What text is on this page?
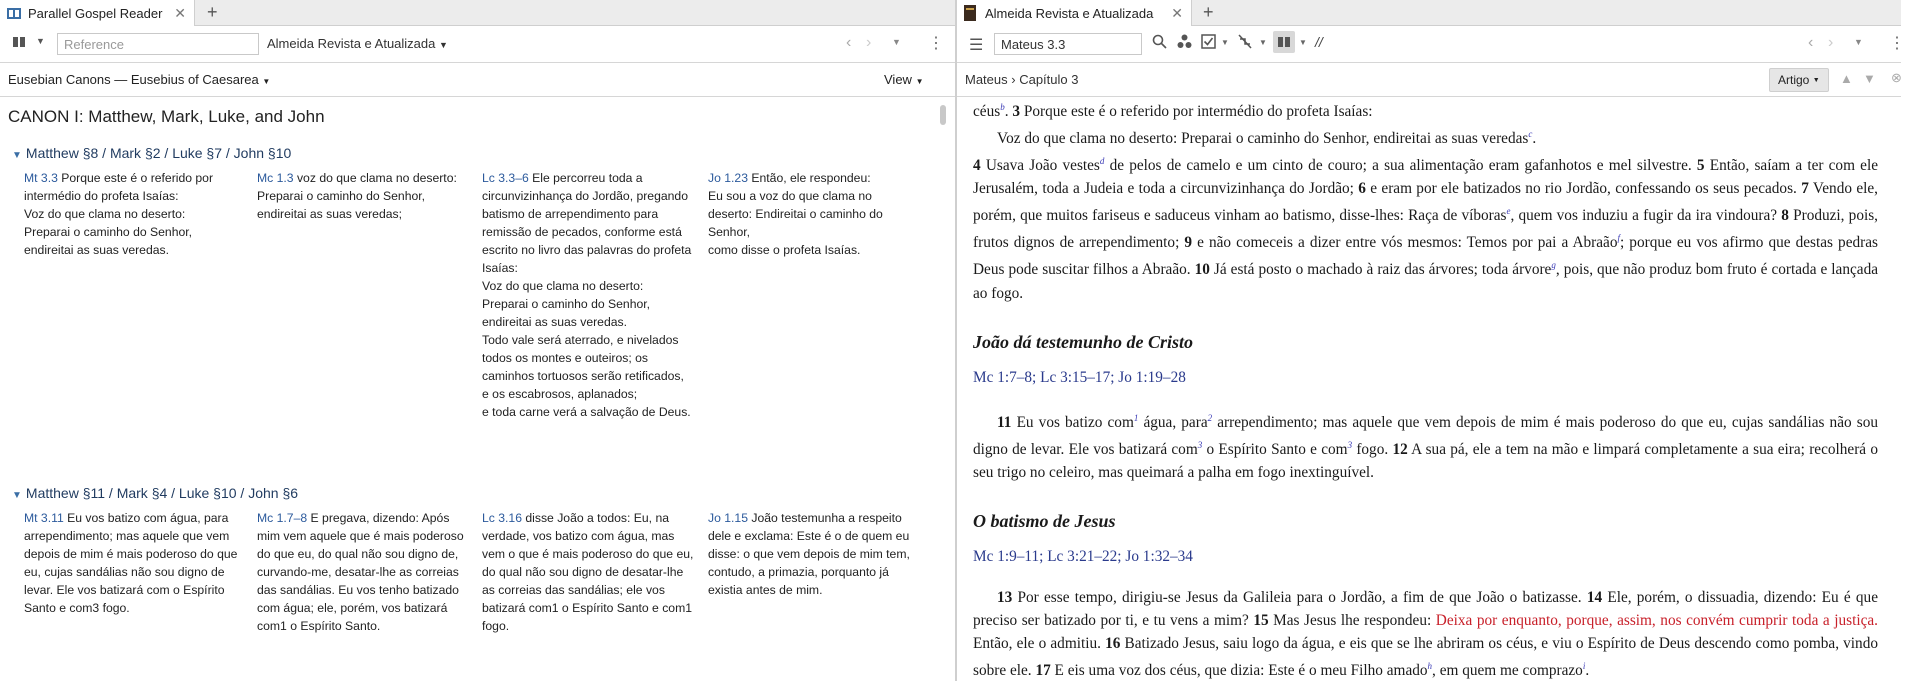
Parallel Gospel Reader ✕ +
▼	Reference	Almeida Revista e Atualizada ▼	‹ › ▼ ⋮
Eusebian Canons — Eusebius of Caesarea ▼	View ▼
CANON I: Matthew, Mark, Luke, and John
▼ Matthew §8 / Mark §2 / Luke §7 / John §10
Mt 3.3 Porque este é o referido por intermédio do profeta Isaías:
Voz do que clama no deserto:
Preparai o caminho do Senhor,
endireitai as suas veredas.
Mc 1.3 voz do que clama no deserto: Preparai o caminho do Senhor, endireitai as suas veredas;
Lc 3.3–6 Ele percorreu toda a circunvizinhança do Jordão, pregando batismo de arrependimento para remissão de pecados, conforme está escrito no livro das palavras do profeta Isaías:
Voz do que clama no deserto:
Preparai o caminho do Senhor,
endireitai as suas veredas.
Todo vale será aterrado, e nivelados todos os montes e outeiros; os caminhos tortuosos serão retificados, e os escabrosos, aplanados;
e toda carne verá a salvação de Deus.
Jo 1.23 Então, ele respondeu:
Eu sou a voz do que clama no deserto: Endireitai o caminho do Senhor,
como disse o profeta Isaías.
▼ Matthew §11 / Mark §4 / Luke §10 / John §6
Mt 3.11 Eu vos batizo com água, para arrependimento; mas aquele que vem depois de mim é mais poderoso do que eu, cujas sandálias não sou digno de levar. Ele vos batizará com o Espírito Santo e com3 fogo.
Mc 1.7–8 E pregava, dizendo: Após mim vem aquele que é mais poderoso do que eu, do qual não sou digno de, curvando-me, desatar-lhe as correias das sandálias. Eu vos tenho batizado com água; ele, porém, vos batizará com1 o Espírito Santo.
Lc 3.16 disse João a todos: Eu, na verdade, vos batizo com água, mas vem o que é mais poderoso do que eu, do qual não sou digno de desatar-lhe as correias das sandálias; ele vos batizará com1 o Espírito Santo e com1 fogo.
Jo 1.15 João testemunha a respeito dele e exclama: Este é o de quem eu disse: o que vem depois de mim tem, contudo, a primazia, porquanto já existia antes de mim.
Almeida Revista e Atualizada ✕ +
☰	Mateus 3.3	▼	▼	▼ //	‹ › ▼ ⋮
Mateus › Capítulo 3	Artigo
▼ ▲ ▼ ⊗

céus$^b$. 3 Porque este é o referido por intermédio do profeta Isaías:

Voz do que clama no deserto: Preparai o caminho do Senhor, endireitai as suas veredas$^c$.

4 Usava João vestes$^d$ de pelos de camelo e um cinto de couro; a sua alimentação eram gafanhotos e mel silvestre. 5 Então, saíam a ter com ele Jerusalém, toda a Judeia e toda a circunvizinhança do Jordão; 6 e eram por ele batizados no rio Jordão, confessando os seus pecados. 7 Vendo ele, porém, que muitos fariseus e saduceus vinham ao batismo, disse-lhes: Raça de víboras$^e$, quem vos induziu a fugir da ira vindoura? 8 Produzi, pois, frutos dignos de arrependimento; 9 e não comeceis a dizer entre vós mesmos: Temos por pai a Abraão$^f$; porque eu vos afirmo que destas pedras Deus pode suscitar filhos a Abraão. 10 Já está posto o machado à raiz das árvores; toda árvore$^g$, pois, que não produz bom fruto é cortada e lançada ao fogo.

João dá testemunho de Cristo

Mc 1:7–8; Lc 3:15–17; Jo 1:19–28

11 Eu vos batizo com$^1$ água, para$^2$ arrependimento; mas aquele que vem depois de mim é mais poderoso do que eu, cujas sandálias não sou digno de levar. Ele vos batizará com$^3$ o Espírito Santo e com$^3$ fogo. 12 A sua pá, ele a tem na mão e limpará completamente a sua eira; recolherá o seu trigo no celeiro, mas queimará a palha em fogo inextinguível.

O batismo de Jesus

Mc 1:9–11; Lc 3:21–22; Jo 1:32–34

13 Por esse tempo, dirigiu-se Jesus da Galileia para o Jordão, a fim de que João o batizasse. 14 Ele, porém, o dissuadia, dizendo: Eu é que preciso ser batizado por ti, e tu vens a mim? 15 Mas Jesus lhe respondeu: Deixa por enquanto, porque, assim, nos convém cumprir toda a justiça. Então, ele o admitiu. 16 Batizado Jesus, saiu logo da água, e eis que se lhe abriram os céus, e viu o Espírito de Deus descendo como pomba, vindo sobre ele. 17 E eis uma voz dos céus, que dizia: Este é o meu Filho amado$^h$, em quem me comprazo$^i$.
